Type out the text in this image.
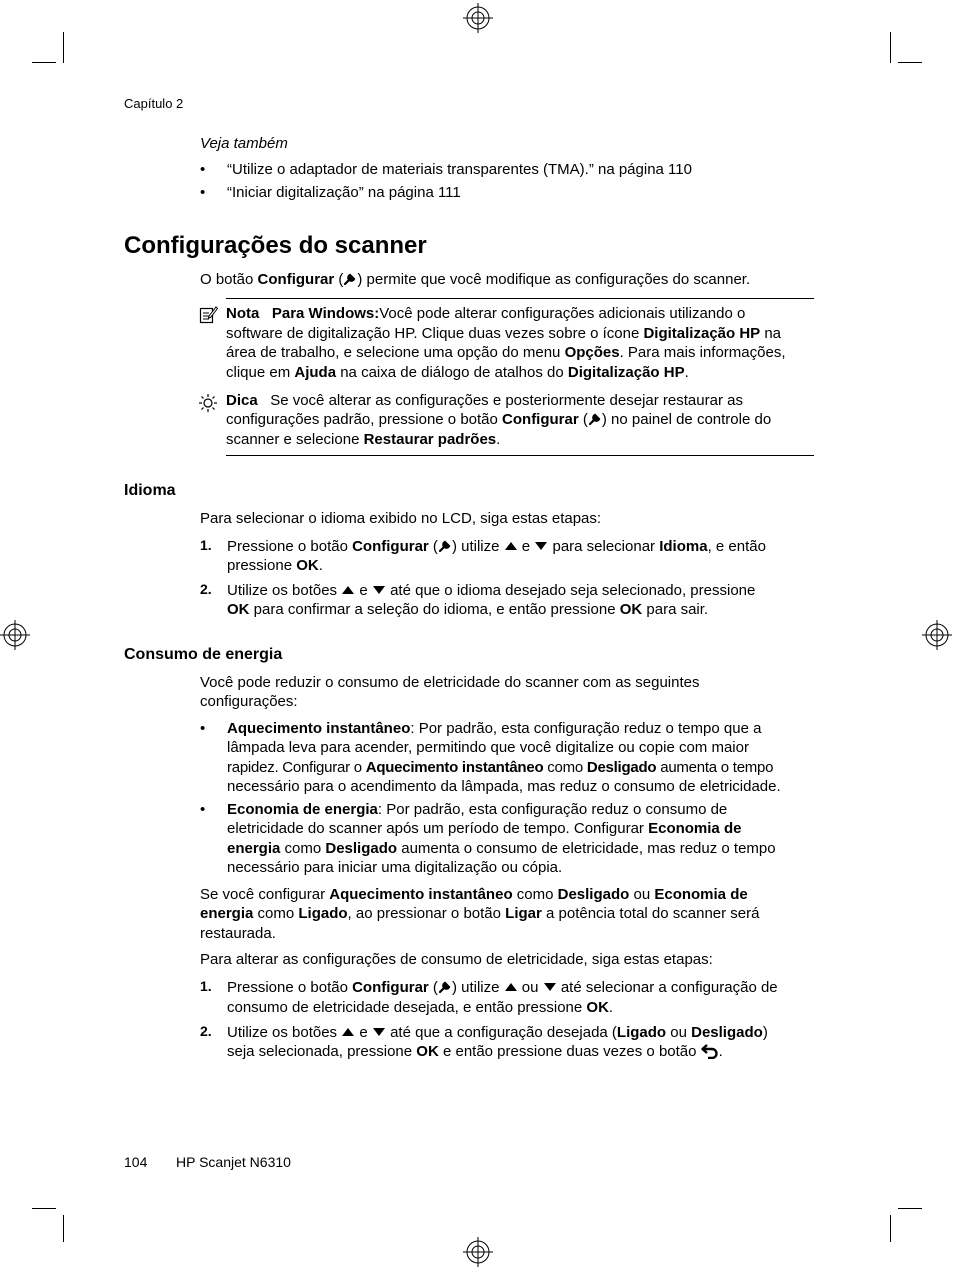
Capítulo 2
Veja também
• “Utilize o adaptador de materiais transparentes (TMA).” na página 110
• “Iniciar digitalização” na página 111
Configurações do scanner
O botão Configurar ( ) permite que você modifique as configurações do scanner.
Nota Para Windows:Você pode alterar configurações adicionais utilizando o
software de digitalização HP. Clique duas vezes sobre o ícone Digitalização HP na
área de trabalho, e selecione uma opção do menu Opções. Para mais informações,
clique em Ajuda na caixa de diálogo de atalhos do Digitalização HP.
Dica Se você alterar as configurações e posteriormente desejar restaurar as
configurações padrão, pressione o botão Configurar ( ) no painel de controle do
scanner e selecione Restaurar padrões.
Idioma
Para selecionar o idioma exibido no LCD, siga estas etapas:
1. Pressione o botão Configurar ( ) utilize  e  para selecionar Idioma, e então
pressione OK.
2. Utilize os botões  e  até que o idioma desejado seja selecionado, pressione
OK para confirmar a seleção do idioma, e então pressione OK para sair.
Consumo de energia
Você pode reduzir o consumo de eletricidade do scanner com as seguintes
configurações:
• Aquecimento instantâneo: Por padrão, esta configuração reduz o tempo que a
lâmpada leva para acender, permitindo que você digitalize ou copie com maior
rapidez. Configurar o Aquecimento instantâneo como Desligado aumenta o tempo
necessário para o acendimento da lâmpada, mas reduz o consumo de eletricidade.
• Economia de energia: Por padrão, esta configuração reduz o consumo de
eletricidade do scanner após um período de tempo. Configurar Economia de
energia como Desligado aumenta o consumo de eletricidade, mas reduz o tempo
necessário para iniciar uma digitalização ou cópia.
Se você configurar Aquecimento instantâneo como Desligado ou Economia de
energia como Ligado, ao pressionar o botão Ligar a potência total do scanner será
restaurada.
Para alterar as configurações de consumo de eletricidade, siga estas etapas:
1. Pressione o botão Configurar ( ) utilize  ou  até selecionar a configuração de
consumo de eletricidade desejada, e então pressione OK.
2. Utilize os botões  e  até que a configuração desejada (Ligado ou Desligado)
seja selecionada, pressione OK e então pressione duas vezes o botão .
104 HP Scanjet N6310
